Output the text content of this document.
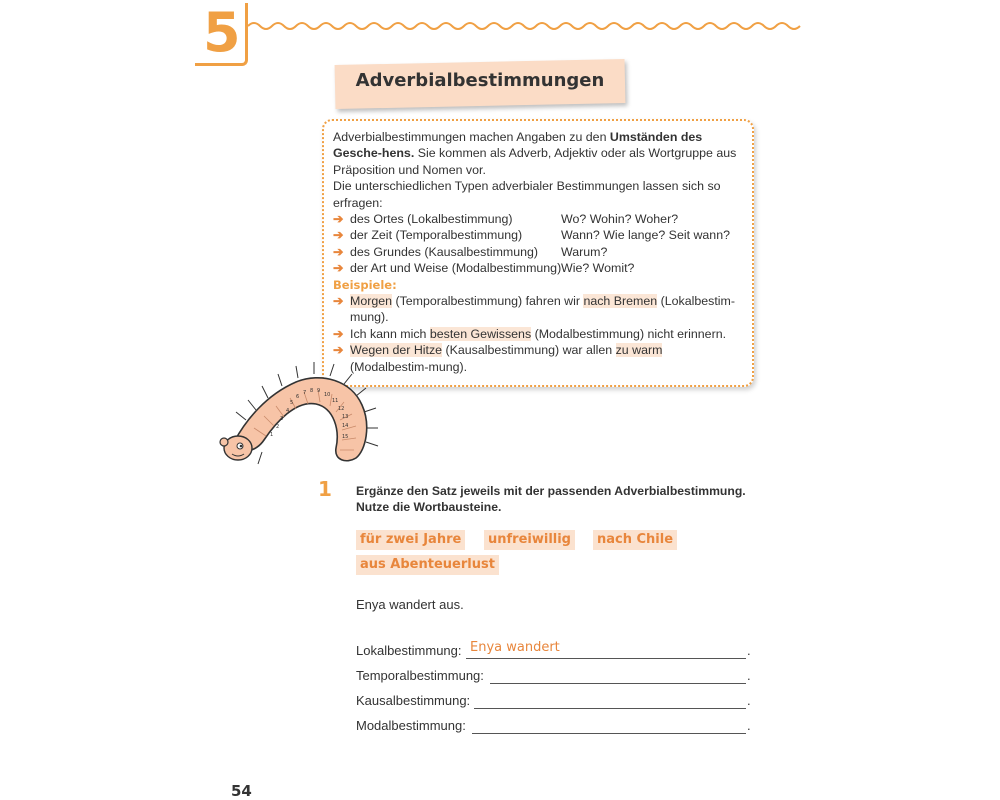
5
Adverbialbestimmungen

Adverbialbestimmungen machen Angaben zu den Umständen des Gesche-hens. Sie kommen als Adverb, Adjektiv oder als Wortgruppe aus Präposition und Nomen vor.

Die unterschiedlichen Typen adverbialer Bestimmungen lassen sich so erfragen:

➔ des Ortes (Lokalbestimmung)	Wo? Wohin? Woher?
➔ der Zeit (Temporalbestimmung)	Wann? Wie lange? Seit wann?
➔ des Grundes (Kausalbestimmung) Warum?
➔ der Art und Weise (Modalbestimmung) Wie? Womit?

Beispiele:

➔ Morgen (Temporalbestimmung) fahren wir nach Bremen (Lokalbestim-mung).
➔ Ich kann mich besten Gewissens (Modalbestimmung) nicht erinnern.
➔ Wegen der Hitze (Kausalbestimmung) war allen zu warm (Modalbestim-mung).
1
2
3
4
5
6
7 8 9
10
11
12
13
14
15
1 Ergänze den Satz jeweils mit der passenden Adverbialbestimmung.
Nutze die Wortbausteine.
für zwei Jahre	unfreiwillig	nach Chile
aus Abenteuerlust
Enya wandert aus.
Lokalbestimmung: Enya wandert	.
Temporalbestimmung:	.
Kausalbestimmung:	.
Modalbestimmung:	.
54
